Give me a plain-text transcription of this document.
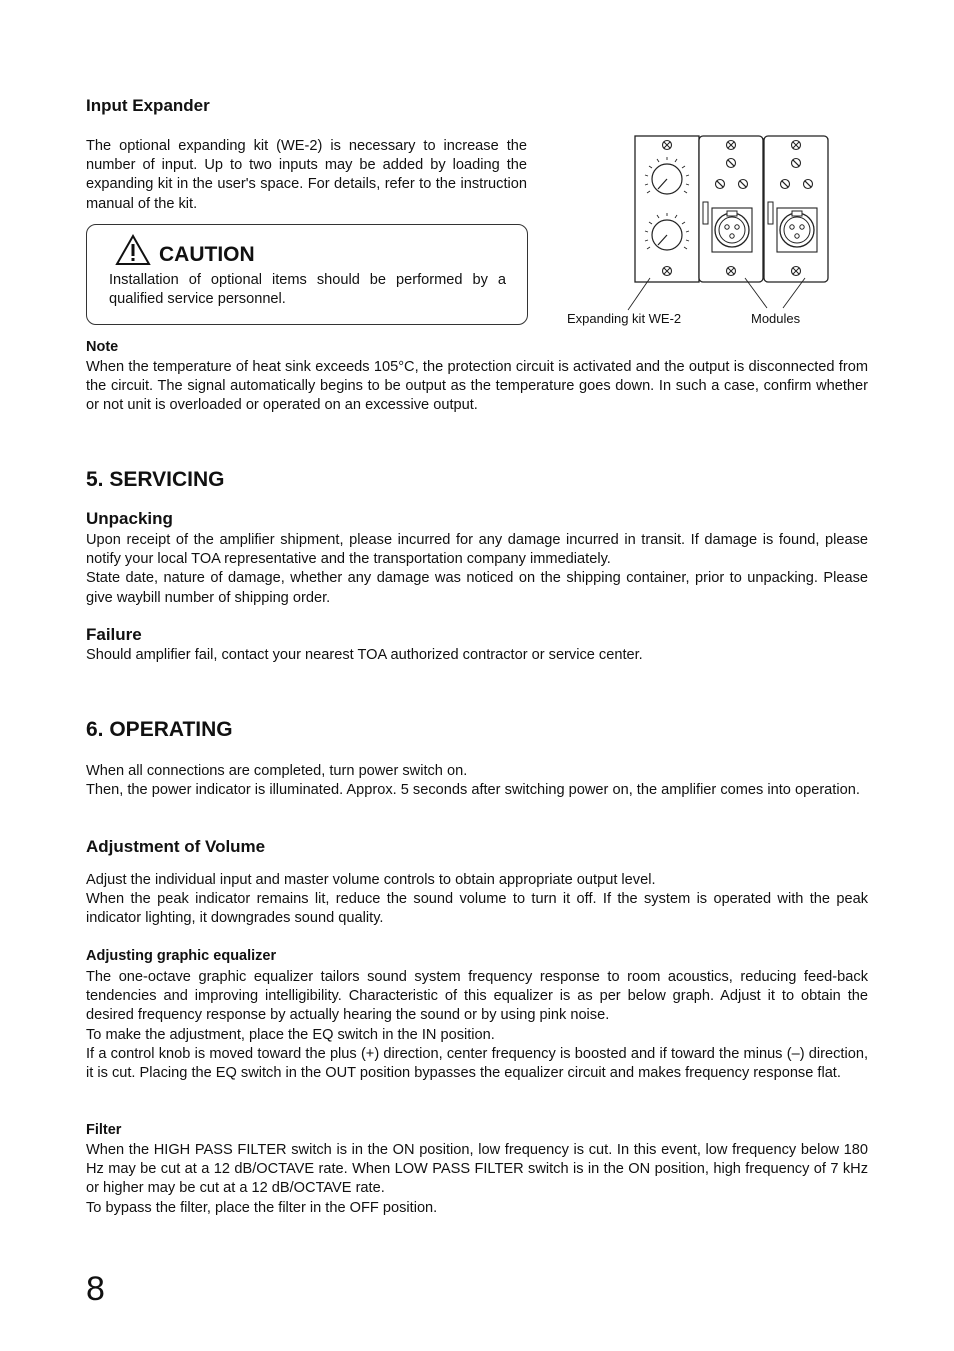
Input Expander
The optional expanding kit (WE-2) is necessary to increase the number of input. Up to two inputs may be added by loading the expanding kit in the user's space. For details, refer to the instruction manual of the kit.
CAUTION
Installation of optional items should be performed by a qualified service personnel.
Expanding kit WE-2	Modules
Note
When the temperature of heat sink exceeds 105°C, the protection circuit is activated and the output is disconnected from the circuit. The signal automatically begins to be output as the temperature goes down. In such a case, confirm whether or not unit is overloaded or operated on an excessive output.
5. SERVICING
Unpacking
Upon receipt of the amplifier shipment, please incurred for any damage incurred in transit. If damage is found, please notify your local TOA representative and the transportation company immediately.
State date, nature of damage, whether any damage was noticed on the shipping container, prior to unpacking. Please give waybill number of shipping order.
Failure
Should amplifier fail, contact your nearest TOA authorized contractor or service center.
6. OPERATING
When all connections are completed, turn power switch on.
Then, the power indicator is illuminated. Approx. 5 seconds after switching power on, the amplifier comes into operation.
Adjustment of Volume
Adjust the individual input and master volume controls to obtain appropriate output level.
When the peak indicator remains lit, reduce the sound volume to turn it off. If the system is operated with the peak indicator lighting, it downgrades sound quality.
Adjusting graphic equalizer
The one-octave graphic equalizer tailors sound system frequency response to room acoustics, reducing feed-back tendencies and improving intelligibility. Characteristic of this equalizer is as per below graph. Adjust it to obtain the desired frequency response by actually hearing the sound or by using pink noise.
To make the adjustment, place the EQ switch in the IN position.
If a control knob is moved toward the plus (+) direction, center frequency is boosted and if toward the minus (–) direction, it is cut. Placing the EQ switch in the OUT position bypasses the equalizer circuit and makes frequency response flat.
Filter
When the HIGH PASS FILTER switch is in the ON position, low frequency is cut. In this event, low frequency below 180 Hz may be cut at a 12 dB/OCTAVE rate. When LOW PASS FILTER switch is in the ON position, high frequency of 7 kHz or higher may be cut at a 12 dB/OCTAVE rate.
To bypass the filter, place the filter in the OFF position.
8
